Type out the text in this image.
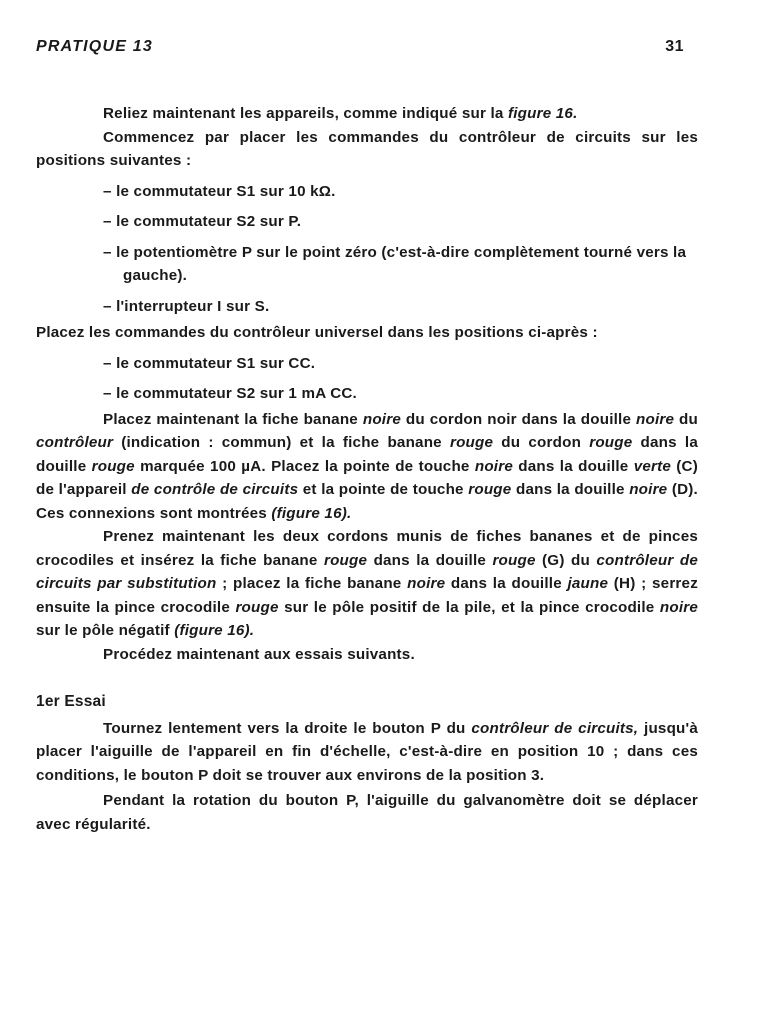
PRATIQUE 13	31

Reliez maintenant les appareils, comme indiqué sur la figure 16.

Commencez par placer les commandes du contrôleur de circuits sur les positions suivantes :

– le commutateur S1 sur 10 kΩ.

– le commutateur S2 sur P.

– le potentiomètre P sur le point zéro (c'est-à-dire complètement tourné vers la gauche).

– l'interrupteur I sur S.

Placez les commandes du contrôleur universel dans les positions ci-après :

– le commutateur S1 sur CC.

– le commutateur S2 sur 1 mA CC.

Placez maintenant la fiche banane noire du cordon noir dans la douille noire du contrôleur (indication : commun) et la fiche banane rouge du cordon rouge dans la douille rouge marquée 100 µA. Placez la pointe de touche noire dans la douille verte (C) de l'appareil de contrôle de circuits et la pointe de touche rouge dans la douille noire (D). Ces connexions sont montrées (figure 16).

Prenez maintenant les deux cordons munis de fiches bananes et de pinces crocodiles et insérez la fiche banane rouge dans la douille rouge (G) du contrôleur de circuits par substitution ; placez la fiche banane noire dans la douille jaune (H) ; serrez ensuite la pince crocodile rouge sur le pôle positif de la pile, et la pince crocodile noire sur le pôle négatif (figure 16).

Procédez maintenant aux essais suivants.

1er Essai

Tournez lentement vers la droite le bouton P du contrôleur de circuits, jusqu'à placer l'aiguille de l'appareil en fin d'échelle, c'est-à-dire en position 10 ; dans ces conditions, le bouton P doit se trouver aux environs de la position 3.

Pendant la rotation du bouton P, l'aiguille du galvanomètre doit se déplacer avec régularité.
